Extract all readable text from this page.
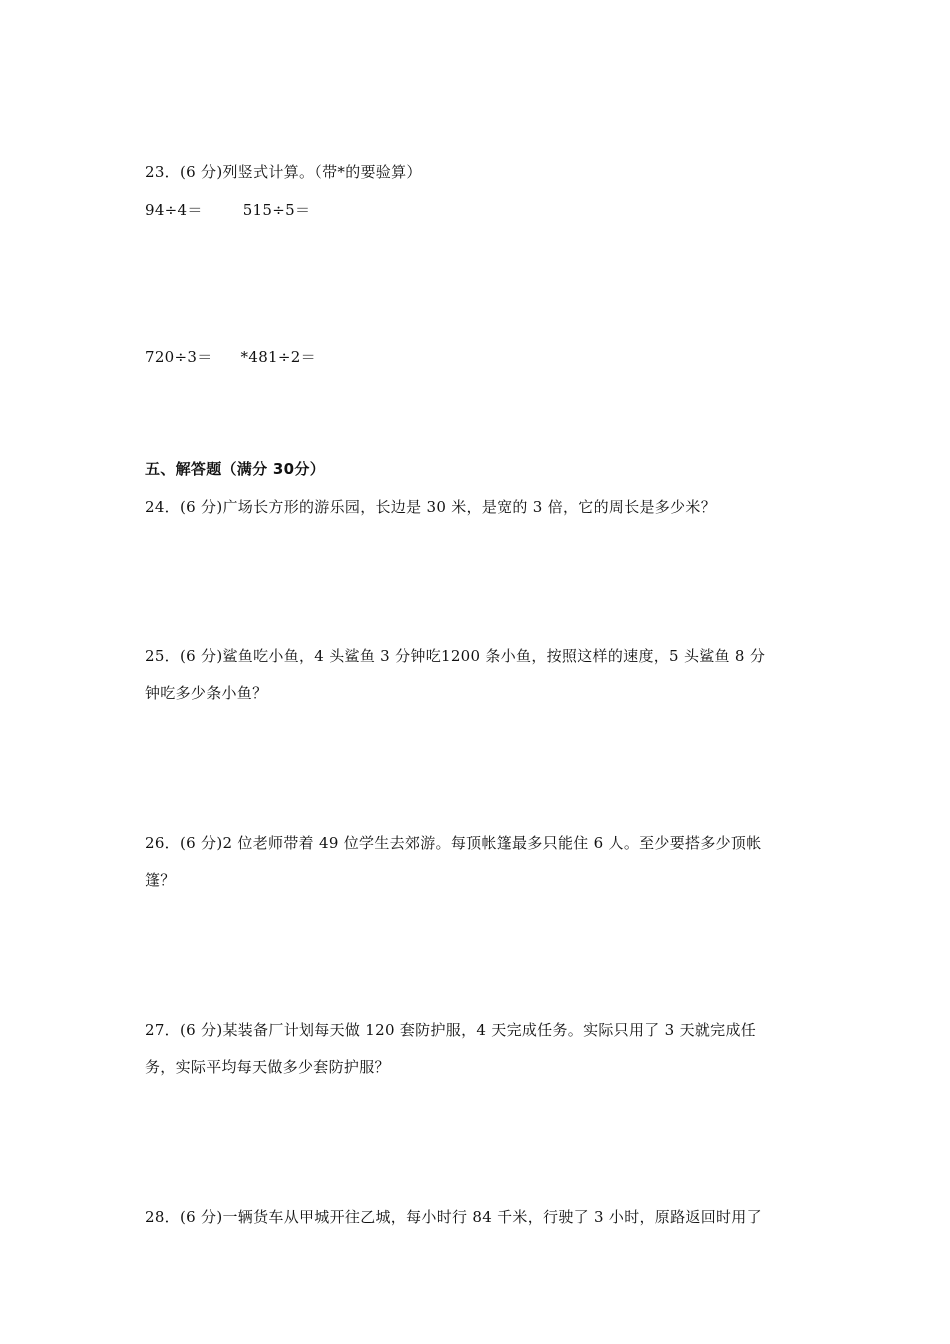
23．(6 分)列竖式计算。（带*的要验算）
94÷4＝	515÷5＝
720÷3＝ *481÷2＝
五、解答题（满分 30分）
24．(6 分)广场长方形的游乐园，长边是 30 米，是宽的 3 倍，它的周长是多少米？
25．(6 分)鲨鱼吃小鱼，4 头鲨鱼 3 分钟吃1200 条小鱼，按照这样的速度，5 头鲨鱼 8 分
钟吃多少条小鱼？
26．(6 分)2 位老师带着 49 位学生去郊游。每顶帐篷最多只能住 6 人。至少要搭多少顶帐
篷？
27．(6 分)某装备厂计划每天做 120 套防护服，4 天完成任务。实际只用了 3 天就完成任
务，实际平均每天做多少套防护服？
28．(6 分)一辆货车从甲城开往乙城，每小时行 84 千米，行驶了 3 小时，原路返回时用了
